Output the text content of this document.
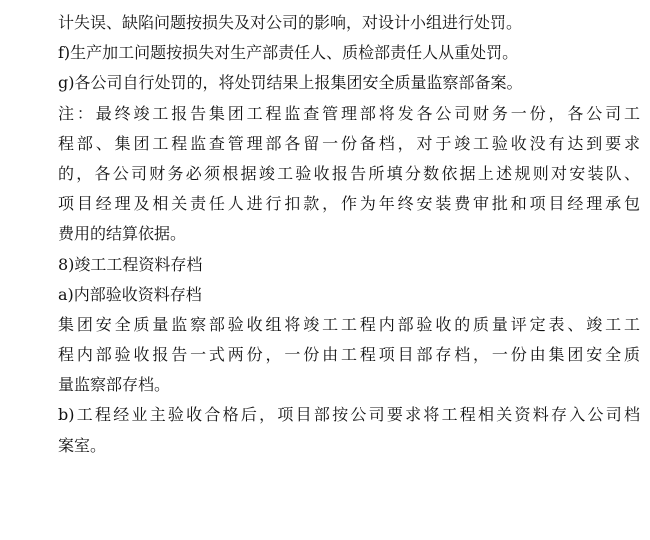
计失误、缺陷问题按损失及对公司的影响，对设计小组进行处罚。
f)生产加工问题按损失对生产部责任人、质检部责任人从重处罚。
g)各公司自行处罚的，将处罚结果上报集团安全质量监察部备案。
注：最终竣工报告集团工程监查管理部将发各公司财务一份，各公司工
程部、集团工程监查管理部各留一份备档，对于竣工验收没有达到要求
的，各公司财务必须根据竣工验收报告所填分数依据上述规则对安装队、
项目经理及相关责任人进行扣款，作为年终安装费审批和项目经理承包
费用的结算依据。
8)竣工工程资料存档
a)内部验收资料存档
集团安全质量监察部验收组将竣工工程内部验收的质量评定表、竣工工
程内部验收报告一式两份，一份由工程项目部存档，一份由集团安全质
量监察部存档。
b)工程经业主验收合格后，项目部按公司要求将工程相关资料存入公司档
案室。
